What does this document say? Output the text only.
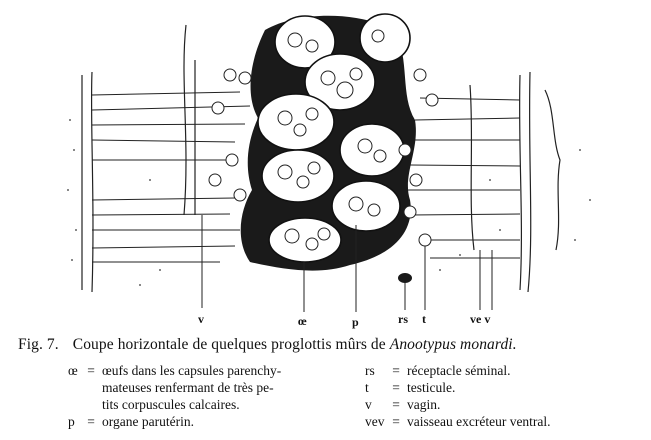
v	œ	p	rs t	ve v
Fig. 7. Coupe horizontale de quelques proglottis mûrs de Anootypus monardi.
œ = œufs dans les capsules parenchy-
mateuses renfermant de très pe-
tits corpuscules calcaires.
p = organe parutérin.
rs	= réceptacle séminal.
t	= testicule.
v	= vagin.
vev = vaisseau excréteur ventral.
